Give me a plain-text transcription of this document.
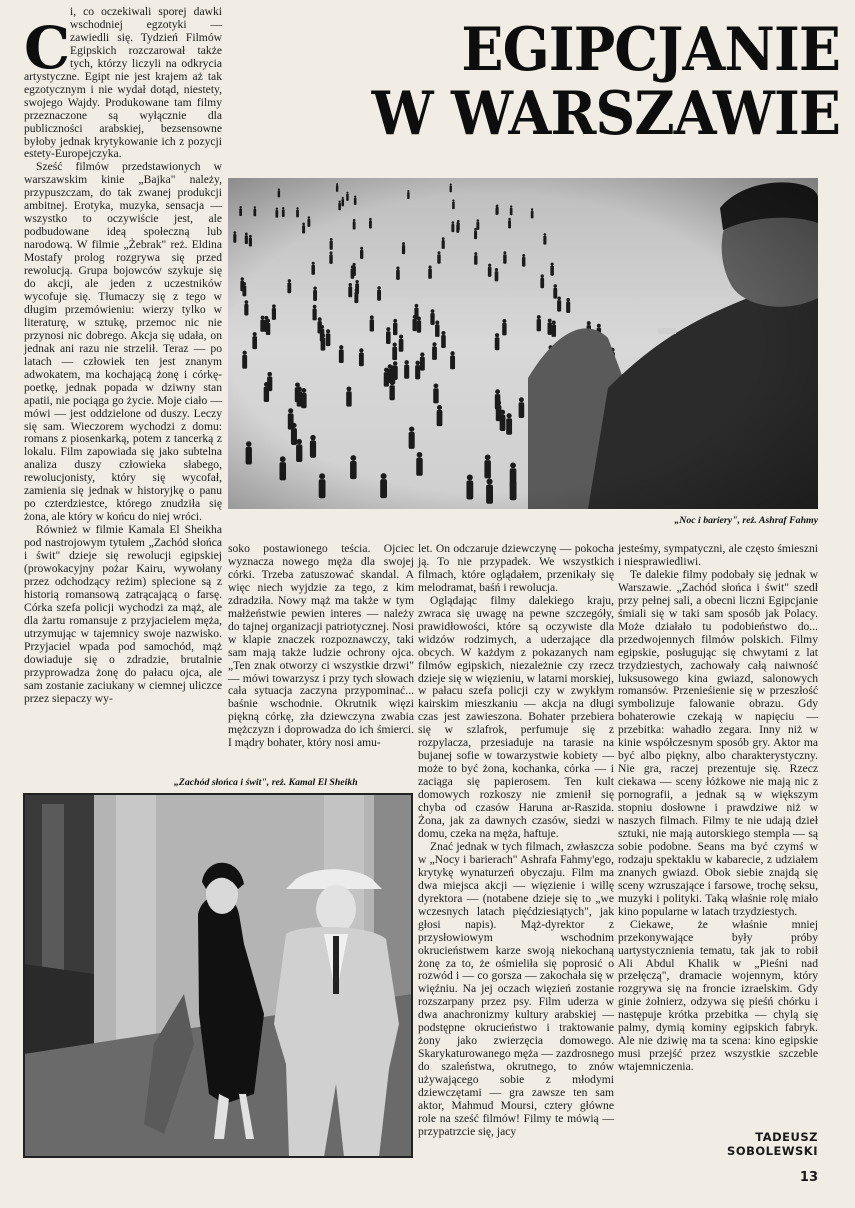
EGIPCJANIE
W WARSZAWIE
C

i, co oczekiwali sporej dawki wschodniej egzotyki — zawiedli się. Tydzień Filmów Egipskich rozczarował także tych, którzy liczyli na odkrycia artystyczne. Egipt nie jest krajem aż tak egzotycznym i nie wydał dotąd, niestety, swojego Wajdy. Produkowane tam filmy przeznaczone są wyłącznie dla publiczności arabskiej, bezsensowne byłoby jednak krytykowanie ich z pozycji estety-Europejczyka.

Sześć filmów przedstawionych w warszawskim kinie „Bajka" należy, przypuszczam, do tak zwanej produkcji ambitnej. Erotyka, muzyka, sensacja — wszystko to oczywiście jest, ale podbudowane ideą społeczną lub narodową. W filmie „Żebrak" reż. Eldina Mostafy prolog rozgrywa się przed rewolucją. Grupa bojowców szykuje się do akcji, ale jeden z uczestników wycofuje się. Tłumaczy się z tego w długim przemówieniu: wierzy tylko w literaturę, w sztukę, przemoc nic nie przynosi nic dobrego. Akcja się udała, on jednak ani razu nie strzelił. Teraz — po latach — człowiek ten jest znanym adwokatem, ma kochającą żonę i córkę-poetkę, jednak popada w dziwny stan apatii, nie pociąga go życie. Moje ciało — mówi — jest oddzielone od duszy. Leczy się sam. Wieczorem wychodzi z domu: romans z piosenkarką, potem z tancerką z lokalu. Film zapowiada się jako subtelna analiza duszy człowieka słabego, rewolucjonisty, który się wycofał, zamienia się jednak w historyjkę o panu po czterdziestce, którego znudziła się żona, ale który w końcu do niej wróci.

Również w filmie Kamala El Sheikha pod nastrojowym tytułem „Zachód słońca i świt" dzieje się rewolucji egipskiej (prowokacyjny pożar Kairu, wywołany przez odchodzący reżim) splecione są z historią romansową zatrącającą o farsę. Córka szefa policji wychodzi za mąż, ale dla żartu romansuje z przyjacielem męża, utrzymując w tajemnicy swoje nazwisko. Przyjaciel wpada pod samochód, mąż dowiaduje się o zdradzie, brutalnie przyprowadza żonę do pałacu ojca, ale sam zostanie zaciukany w ciemnej uliczce przez siepaczy wy-

„Noc i bariery", reż. Ashraf Fahmy
„Zachód słońca i świt", reż. Kamal El Sheikh

soko postawionego teścia. Ojciec wyznacza nowego męża dla swojej córki. Trzeba zatuszować skandal. A więc niech wyjdzie za tego, z kim zdradziła. Nowy mąż ma także w tym małżeństwie pewien interes — należy do tajnej organizacji patriotycznej. Nosi w klapie znaczek rozpoznawczy, taki sam mają także ludzie ochrony ojca. „Ten znak otworzy ci wszystkie drzwi" — mówi towarzysz i przy tych słowach cała sytuacja zaczyna przypominać... baśnie wschodnie. Okrutnik więzi piękną córkę, zła dziewczyna zwabia mężczyzn i doprowadza do ich śmierci. I mądry bohater, który nosi amu-

let. On odczaruje dziewczynę — pokocha ją. To nie przypadek. We wszystkich filmach, które oglądałem, przenikały się melodramat, baśń i rewolucja.

Oglądając filmy dalekiego kraju, zwraca się uwagę na pewne szczegóły, prawidłowości, które są oczywiste dla widzów rodzimych, a uderzające dla obcych. W każdym z pokazanych nam filmów egipskich, niezależnie czy rzecz dzieje się w więzieniu, w latarni morskiej, w pałacu szefa policji czy w zwykłym kairskim mieszkaniu — akcja na długi czas jest zawieszona. Bohater przebiera się w szlafrok, perfumuje się z rozpylacza, przesiaduje na tarasie na bujanej sofie w towarzystwie kobiety — może to być żona, kochanka, córka — i zaciąga się papierosem. Ten kult domowych rozkoszy nie zmienił się chyba od czasów Haruna ar-Raszida. Żona, jak za dawnych czasów, siedzi w domu, czeka na męża, haftuje.

Znać jednak w tych filmach, zwłaszcza w „Nocy i barierach" Ashrafa Fahmy'ego, krytykę wynaturzeń obyczaju. Film ma dwa miejsca akcji — więzienie i willę dyrektora — (notabene dzieje się to „we wczesnych latach pięćdziesiątych", jak głosi napis). Mąż-dyrektor z przysłowiowym wschodnim okrucieństwem karze swoją niekochaną żonę za to, że ośmieliła się poprosić o rozwód i — co gorsza — zakochała się w więźniu. Na jej oczach więzień zostanie rozszarpany przez psy. Film uderza w dwa anachronizmy kultury arabskiej — podstępne okrucieństwo i traktowanie żony jako zwierzęcia domowego. Skarykaturowanego męża — zazdrosnego do szaleństwa, okrutnego, to znów używającego sobie z młodymi dziewczętami — gra zawsze ten sam aktor, Mahmud Moursi, cztery główne role na sześć filmów! Filmy te mówią — przypatrzcie się, jacy

jesteśmy, sympatyczni, ale często śmieszni i niesprawiedliwi.

Te dalekie filmy podobały się jednak w Warszawie. „Zachód słońca i świt" szedł przy pełnej sali, a obecni liczni Egipcjanie śmiali się w taki sam sposób jak Polacy. Może działało tu podobieństwo do... przedwojennych filmów polskich. Filmy egipskie, posługując się chwytami z lat trzydziestych, zachowały całą naiwność luksusowego kina gwiazd, salonowych romansów. Przenieśienie się w przeszłość symbolizuje falowanie obrazu. Gdy bohaterowie czekają w napięciu — przebitka: wahadło zegara. Inny niż w kinie współczesnym sposób gry. Aktor ma być albo piękny, albo charakterystyczny. Nie gra, raczej prezentuje się. Rzecz ciekawa — sceny łóżkowe nie mają nic z pornografii, a jednak są w większym stopniu dosłowne i prawdziwe niż w naszych filmach. Filmy te nie udają dzieł sztuki, nie mają autorskiego stempla — są sobie podobne. Seans ma być czymś w rodzaju spektaklu w kabarecie, z udziałem znanych gwiazd. Obok siebie znajdą się sceny wzruszające i farsowe, trochę seksu, muzyki i polityki. Taką właśnie rolę miało kino popularne w latach trzydziestych.

Ciekawe, że właśnie mniej przekonywające były próby uartystycznienia tematu, tak jak to robił Ali Abdul Khalik w „Pieśni nad przełęczą", dramacie wojennym, który rozgrywa się na froncie izraelskim. Gdy ginie żołnierz, odzywa się pieśń chórku i następuje krótka przebitka — chylą się palmy, dymią kominy egipskich fabryk. Ale nie dziwię ma ta scena: kino egipskie musi przejść przez wszystkie szczeble wtajemniczenia.

TADEUSZ
SOBOLEWSKI
13
